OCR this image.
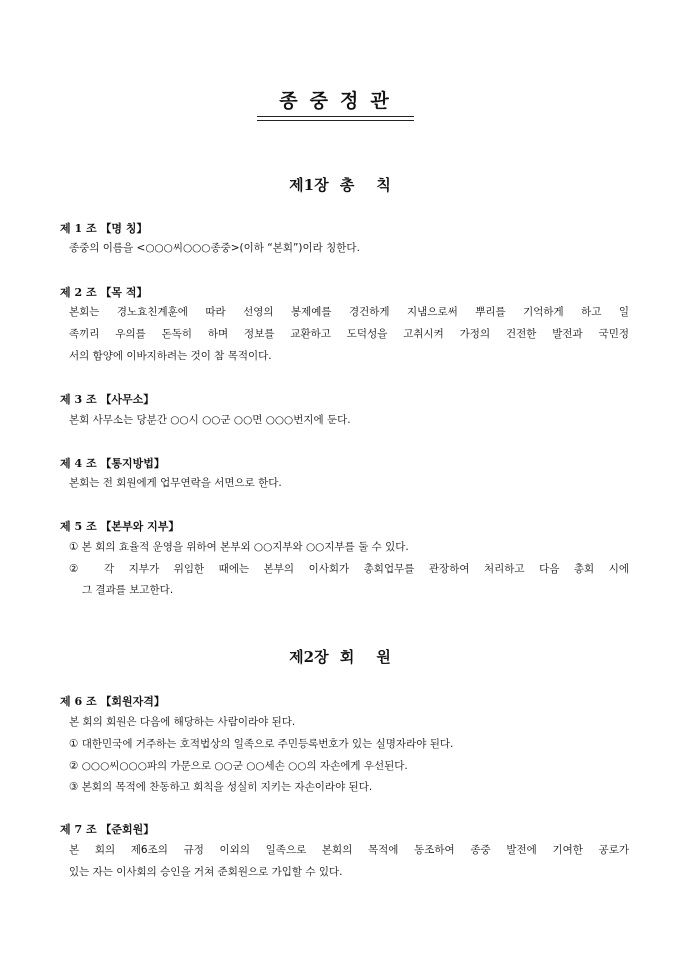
종중정관
제1장 총 칙
제 1 조 【명 칭】
종중의 이름을 <○○○씨○○○종중>(이하 “본회”)이라 칭한다.
제 2 조 【목 적】
본회는 경노효친계훈에 따라 선영의 봉제예를 경건하게 지냄으로써 뿌리를 기억하게 하고 일
족끼리 우의를 돈독히 하며 정보를 교환하고 도덕성을 고취시켜 가정의 건전한 발전과 국민정
서의 함양에 이바지하려는 것이 참 목적이다.
제 3 조 【사무소】
본회 사무소는 당분간 ○○시 ○○군 ○○면 ○○○번지에 둔다.
제 4 조 【통지방법】
본회는 전 회원에게 업무연락을 서면으로 한다.
제 5 조 【본부와 지부】
① 본 회의 효율적 운영을 위하여 본부외 ○○지부와 ○○지부를 둘 수 있다.
② 각 지부가 위임한 때에는 본부의 이사회가 총회업무를 관장하여 처리하고 다음 총회 시에
그 결과를 보고한다.
제2장 회 원
제 6 조 【회원자격】
본 회의 회원은 다음에 해당하는 사람이라야 된다.
① 대한민국에 거주하는 호적법상의 일족으로 주민등록번호가 있는 실명자라야 된다.
② ○○○씨○○○파의 가문으로 ○○군 ○○세손 ○○의 자손에게 우선된다.
③ 본회의 목적에 찬동하고 회칙을 성실히 지키는 자손이라야 된다.
제 7 조 【준회원】
본 회의 제6조의 규정 이외의 일족으로 본회의 목적에 동조하여 종중 발전에 기여한 공로가
있는 자는 이사회의 승인을 거쳐 준회원으로 가입할 수 있다.
